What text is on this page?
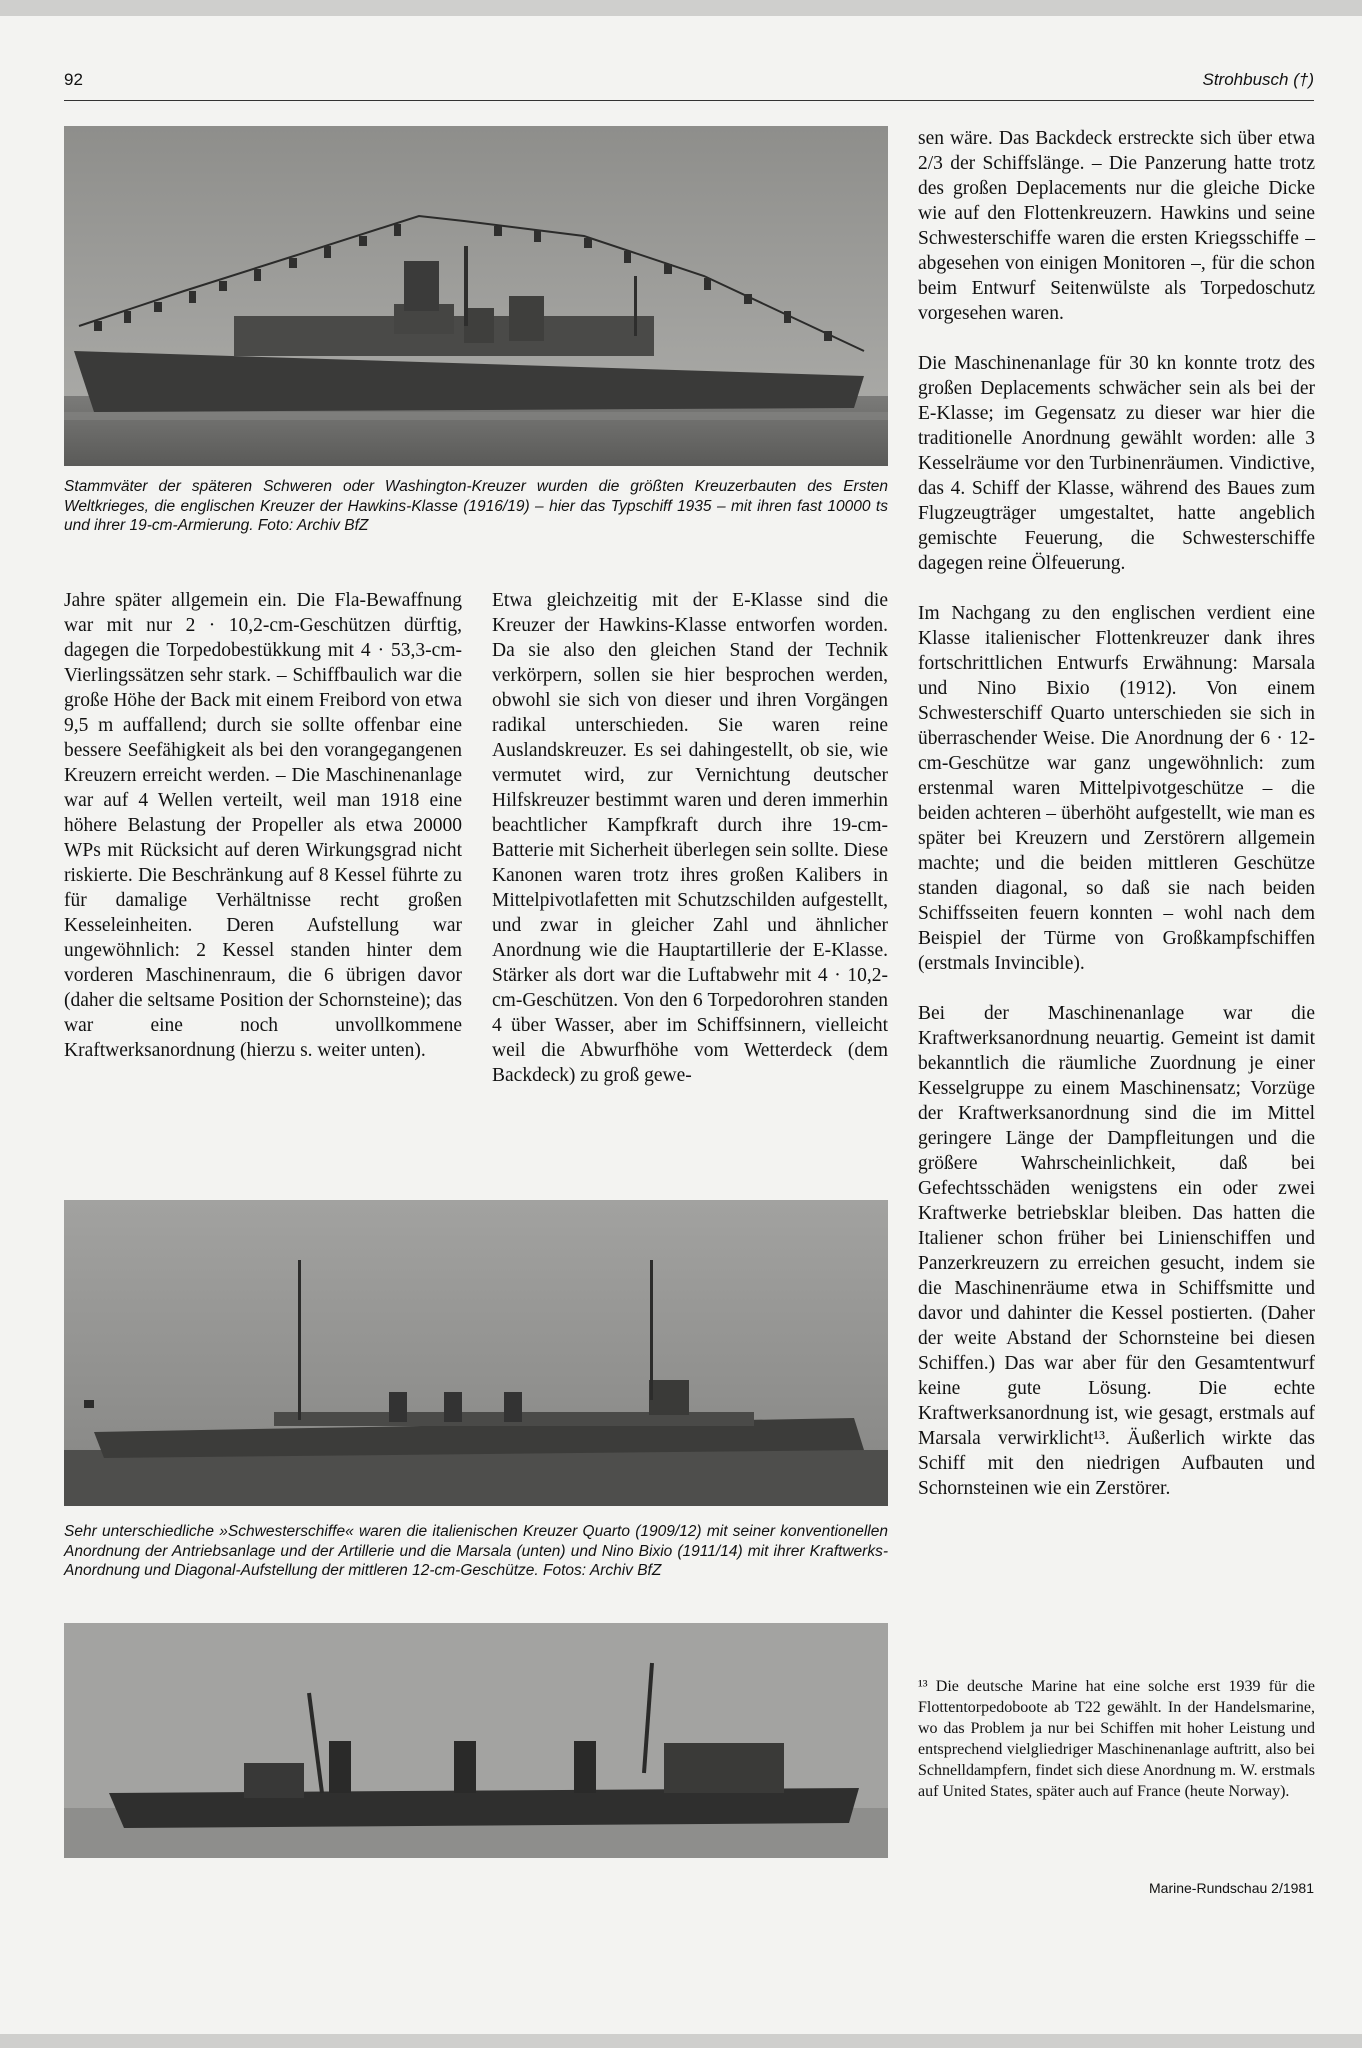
92	Strohbusch (†)
Stammväter der späteren Schweren oder Washington-Kreuzer wurden die größten Kreuzerbauten des Ersten Weltkrieges, die englischen Kreuzer der Hawkins-Klasse (1916/19) – hier das Typschiff 1935 – mit ihren fast 10000 ts und ihrer 19-cm-Armierung. Foto: Archiv BfZ

Jahre später allgemein ein. Die Fla-Bewaffnung war mit nur 2 · 10,2-cm-Geschützen dürftig, dagegen die Torpedobestükkung mit 4 · 53,3-cm-Vierlingssätzen sehr stark. – Schiffbaulich war die große Höhe der Back mit einem Freibord von etwa 9,5 m auffallend; durch sie sollte offenbar eine bessere Seefähigkeit als bei den vorangegangenen Kreuzern erreicht werden. – Die Maschinenanlage war auf 4 Wellen verteilt, weil man 1918 eine höhere Belastung der Propeller als etwa 20000 WPs mit Rücksicht auf deren Wirkungsgrad nicht riskierte. Die Beschränkung auf 8 Kessel führte zu für damalige Verhältnisse recht großen Kesseleinheiten. Deren Aufstellung war ungewöhnlich: 2 Kessel standen hinter dem vorderen Maschinenraum, die 6 übrigen davor (daher die seltsame Position der Schornsteine); das war eine noch unvollkommene Kraftwerksanordnung (hierzu s. weiter unten).

Etwa gleichzeitig mit der E-Klasse sind die Kreuzer der Hawkins-Klasse entworfen worden. Da sie also den gleichen Stand der Technik verkörpern, sollen sie hier besprochen werden, obwohl sie sich von dieser und ihren Vorgängen radikal unterschieden. Sie waren reine Auslandskreuzer. Es sei dahingestellt, ob sie, wie vermutet wird, zur Vernichtung deutscher Hilfskreuzer bestimmt waren und deren immerhin beachtlicher Kampfkraft durch ihre 19-cm-Batterie mit Sicherheit überlegen sein sollte. Diese Kanonen waren trotz ihres großen Kalibers in Mittelpivotlafetten mit Schutzschilden aufgestellt, und zwar in gleicher Zahl und ähnlicher Anordnung wie die Hauptartillerie der E-Klasse. Stärker als dort war die Luftabwehr mit 4 · 10,2-cm-Geschützen. Von den 6 Torpedorohren standen 4 über Wasser, aber im Schiffsinnern, vielleicht weil die Abwurfhöhe vom Wetterdeck (dem Backdeck) zu groß gewe-

sen wäre. Das Backdeck erstreckte sich über etwa 2/3 der Schiffslänge. – Die Panzerung hatte trotz des großen Deplacements nur die gleiche Dicke wie auf den Flottenkreuzern. Hawkins und seine Schwesterschiffe waren die ersten Kriegsschiffe – abgesehen von einigen Monitoren –, für die schon beim Entwurf Seitenwülste als Torpedoschutz vorgesehen waren.

Die Maschinenanlage für 30 kn konnte trotz des großen Deplacements schwächer sein als bei der E-Klasse; im Gegensatz zu dieser war hier die traditionelle Anordnung gewählt worden: alle 3 Kesselräume vor den Turbinenräumen. Vindictive, das 4. Schiff der Klasse, während des Baues zum Flugzeugträger umgestaltet, hatte angeblich gemischte Feuerung, die Schwesterschiffe dagegen reine Ölfeuerung.

Im Nachgang zu den englischen verdient eine Klasse italienischer Flottenkreuzer dank ihres fortschrittlichen Entwurfs Erwähnung: Marsala und Nino Bixio (1912). Von einem Schwesterschiff Quarto unterschieden sie sich in überraschender Weise. Die Anordnung der 6 · 12-cm-Geschütze war ganz ungewöhnlich: zum erstenmal waren Mittelpivotgeschütze – die beiden achteren – überhöht aufgestellt, wie man es später bei Kreuzern und Zerstörern allgemein machte; und die beiden mittleren Geschütze standen diagonal, so daß sie nach beiden Schiffsseiten feuern konnten – wohl nach dem Beispiel der Türme von Großkampfschiffen (erstmals Invincible).

Bei der Maschinenanlage war die Kraftwerksanordnung neuartig. Gemeint ist damit bekanntlich die räumliche Zuordnung je einer Kesselgruppe zu einem Maschinensatz; Vorzüge der Kraftwerksanordnung sind die im Mittel geringere Länge der Dampfleitungen und die größere Wahrscheinlichkeit, daß bei Gefechtsschäden wenigstens ein oder zwei Kraftwerke betriebsklar bleiben. Das hatten die Italiener schon früher bei Linienschiffen und Panzerkreuzern zu erreichen gesucht, indem sie die Maschinenräume etwa in Schiffsmitte und davor und dahinter die Kessel postierten. (Daher der weite Abstand der Schornsteine bei diesen Schiffen.) Das war aber für den Gesamtentwurf keine gute Lösung. Die echte Kraftwerksanordnung ist, wie gesagt, erstmals auf Marsala verwirklicht¹³. Äußerlich wirkte das Schiff mit den niedrigen Aufbauten und Schornsteinen wie ein Zerstörer.

¹³ Die deutsche Marine hat eine solche erst 1939 für die Flottentorpedoboote ab T22 gewählt. In der Handelsmarine, wo das Problem ja nur bei Schiffen mit hoher Leistung und entsprechend vielgliedriger Maschinenanlage auftritt, also bei Schnelldampfern, findet sich diese Anordnung m. W. erstmals auf United States, später auch auf France (heute Norway).
Sehr unterschiedliche »Schwesterschiffe« waren die italienischen Kreuzer Quarto (1909/12) mit seiner konventionellen Anordnung der Antriebsanlage und der Artillerie und die Marsala (unten) und Nino Bixio (1911/14) mit ihrer Kraftwerks-Anordnung und Diagonal-Aufstellung der mittleren 12-cm-Geschütze. Fotos: Archiv BfZ
Marine-Rundschau 2/1981
